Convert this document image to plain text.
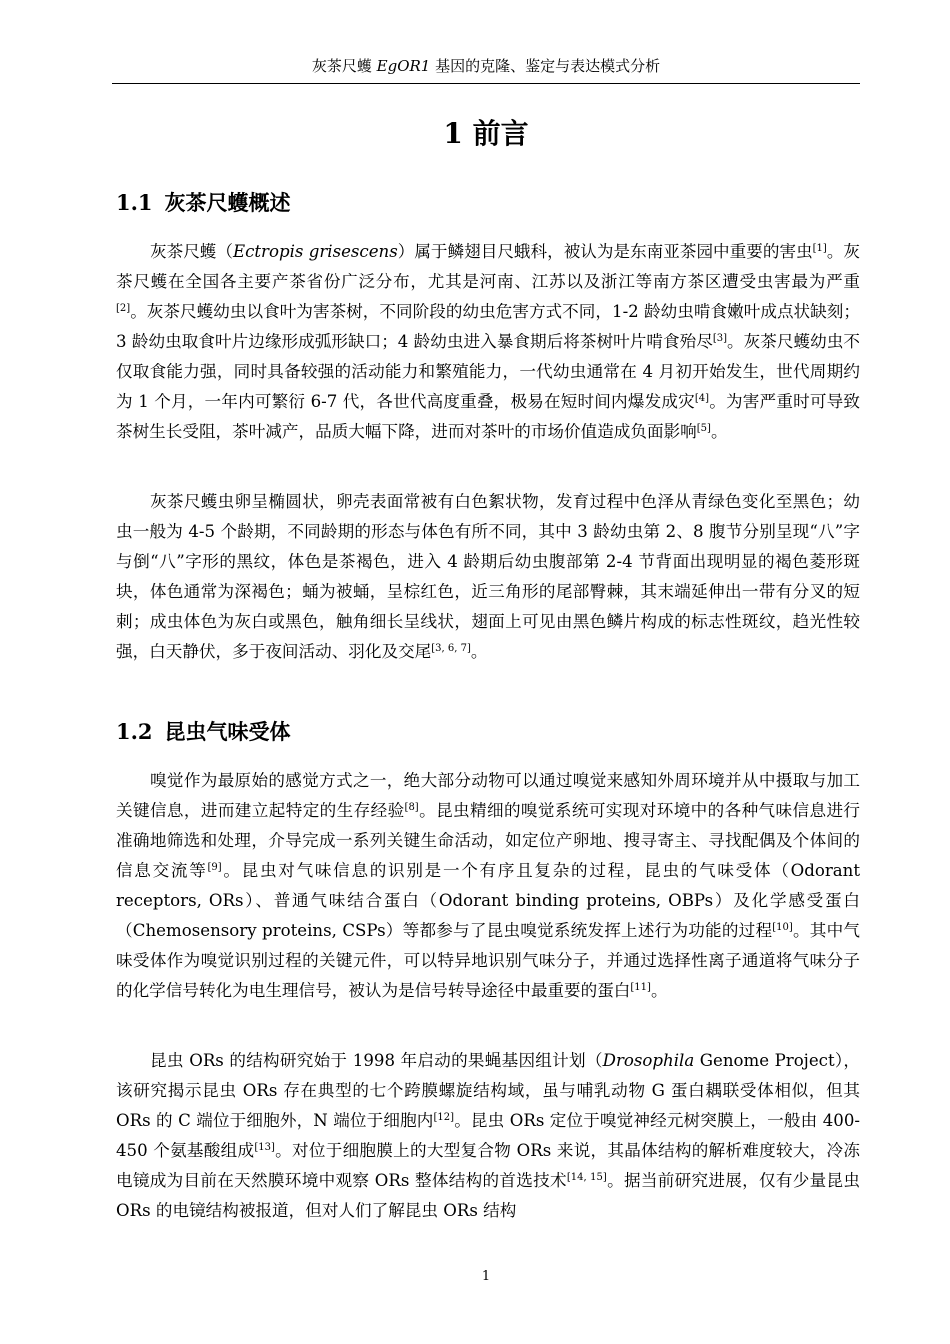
灰茶尺蠖 EgOR1 基因的克隆、鉴定与表达模式分析
1 前言
1.1 灰茶尺蠖概述

灰茶尺蠖（Ectropis grisescens）属于鳞翅目尺蛾科，被认为是东南亚茶园中重要的害虫[1]。灰茶尺蠖在全国各主要产茶省份广泛分布，尤其是河南、江苏以及浙江等南方茶区遭受虫害最为严重[2]。灰茶尺蠖幼虫以食叶为害茶树，不同阶段的幼虫危害方式不同，1-2 龄幼虫啃食嫩叶成点状缺刻；3 龄幼虫取食叶片边缘形成弧形缺口；4 龄幼虫进入暴食期后将茶树叶片啃食殆尽[3]。灰茶尺蠖幼虫不仅取食能力强，同时具备较强的活动能力和繁殖能力，一代幼虫通常在 4 月初开始发生，世代周期约为 1 个月，一年内可繁衍 6-7 代，各世代高度重叠，极易在短时间内爆发成灾[4]。为害严重时可导致茶树生长受阻，茶叶减产，品质大幅下降，进而对茶叶的市场价值造成负面影响[5]。

灰茶尺蠖虫卵呈椭圆状，卵壳表面常被有白色絮状物，发育过程中色泽从青绿色变化至黑色；幼虫一般为 4-5 个龄期，不同龄期的形态与体色有所不同，其中 3 龄幼虫第 2、8 腹节分别呈现“八”字与倒“八”字形的黑纹，体色是茶褐色，进入 4 龄期后幼虫腹部第 2-4 节背面出现明显的褐色菱形斑块，体色通常为深褐色；蛹为被蛹，呈棕红色，近三角形的尾部臀棘，其末端延伸出一带有分叉的短刺；成虫体色为灰白或黑色，触角细长呈线状，翅面上可见由黑色鳞片构成的标志性斑纹，趋光性较强，白天静伏，多于夜间活动、羽化及交尾[3, 6, 7]。

1.2 昆虫气味受体

嗅觉作为最原始的感觉方式之一，绝大部分动物可以通过嗅觉来感知外周环境并从中摄取与加工关键信息，进而建立起特定的生存经验[8]。昆虫精细的嗅觉系统可实现对环境中的各种气味信息进行准确地筛选和处理，介导完成一系列关键生命活动，如定位产卵地、搜寻寄主、寻找配偶及个体间的信息交流等[9]。昆虫对气味信息的识别是一个有序且复杂的过程，昆虫的气味受体（Odorant receptors, ORs）、普通气味结合蛋白（Odorant binding proteins, OBPs）及化学感受蛋白（Chemosensory proteins, CSPs）等都参与了昆虫嗅觉系统发挥上述行为功能的过程[10]。其中气味受体作为嗅觉识别过程的关键元件，可以特异地识别气味分子，并通过选择性离子通道将气味分子的化学信号转化为电生理信号，被认为是信号转导途径中最重要的蛋白[11]。

昆虫 ORs 的结构研究始于 1998 年启动的果蝇基因组计划（Drosophila Genome Project），该研究揭示昆虫 ORs 存在典型的七个跨膜螺旋结构域，虽与哺乳动物 G 蛋白耦联受体相似，但其 ORs 的 C 端位于细胞外，N 端位于细胞内[12]。昆虫 ORs 定位于嗅觉神经元树突膜上，一般由 400-450 个氨基酸组成[13]。对位于细胞膜上的大型复合物 ORs 来说，其晶体结构的解析难度较大，冷冻电镜成为目前在天然膜环境中观察 ORs 整体结构的首选技术[14, 15]。据当前研究进展，仅有少量昆虫 ORs 的电镜结构被报道，但对人们了解昆虫 ORs 结构

1
